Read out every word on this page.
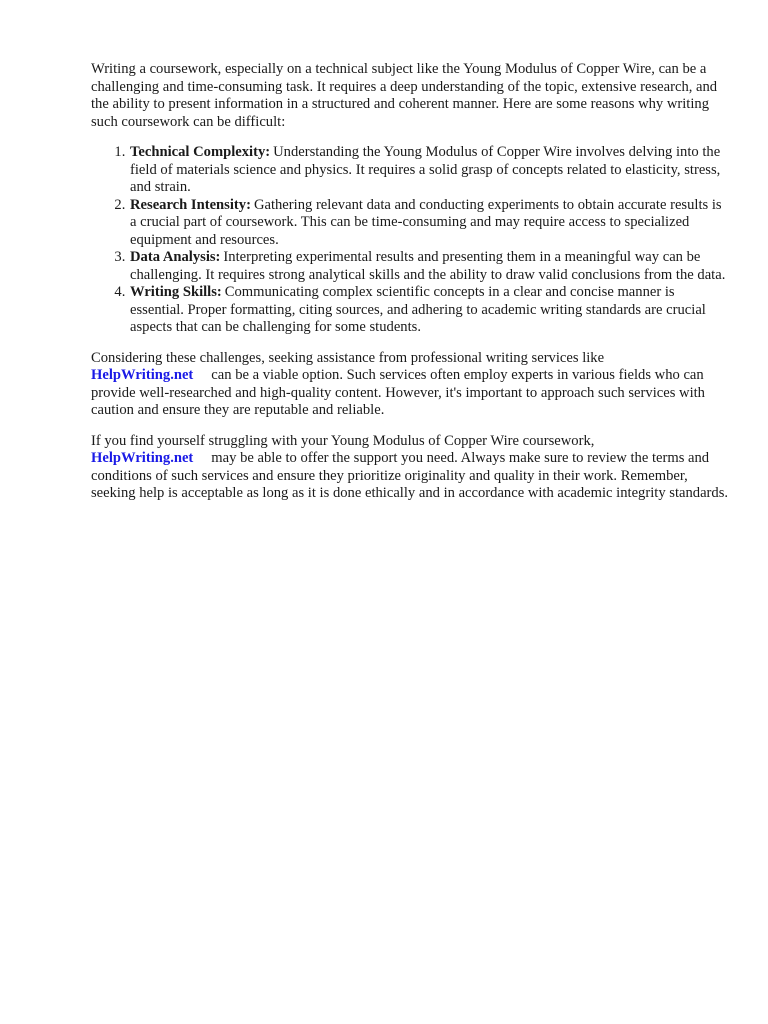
Writing a coursework, especially on a technical subject like the Young Modulus of Copper Wire, can be a challenging and time-consuming task. It requires a deep understanding of the topic, extensive research, and the ability to present information in a structured and coherent manner. Here are some reasons why writing such coursework can be difficult:

1. Technical Complexity: Understanding the Young Modulus of Copper Wire involves delving into the field of materials science and physics. It requires a solid grasp of concepts related to elasticity, stress, and strain.
2. Research Intensity: Gathering relevant data and conducting experiments to obtain accurate results is a crucial part of coursework. This can be time-consuming and may require access to specialized equipment and resources.
3. Data Analysis: Interpreting experimental results and presenting them in a meaningful way can be challenging. It requires strong analytical skills and the ability to draw valid conclusions from the data.
4. Writing Skills: Communicating complex scientific concepts in a clear and concise manner is essential. Proper formatting, citing sources, and adhering to academic writing standards are crucial aspects that can be challenging for some students.

Considering these challenges, seeking assistance from professional writing services like
HelpWriting.net can be a viable option. Such services often employ experts in various fields who can provide well-researched and high-quality content. However, it's important to approach such services with caution and ensure they are reputable and reliable.

If you find yourself struggling with your Young Modulus of Copper Wire coursework,
HelpWriting.net may be able to offer the support you need. Always make sure to review the terms and conditions of such services and ensure they prioritize originality and quality in their work. Remember, seeking help is acceptable as long as it is done ethically and in accordance with academic integrity standards.
